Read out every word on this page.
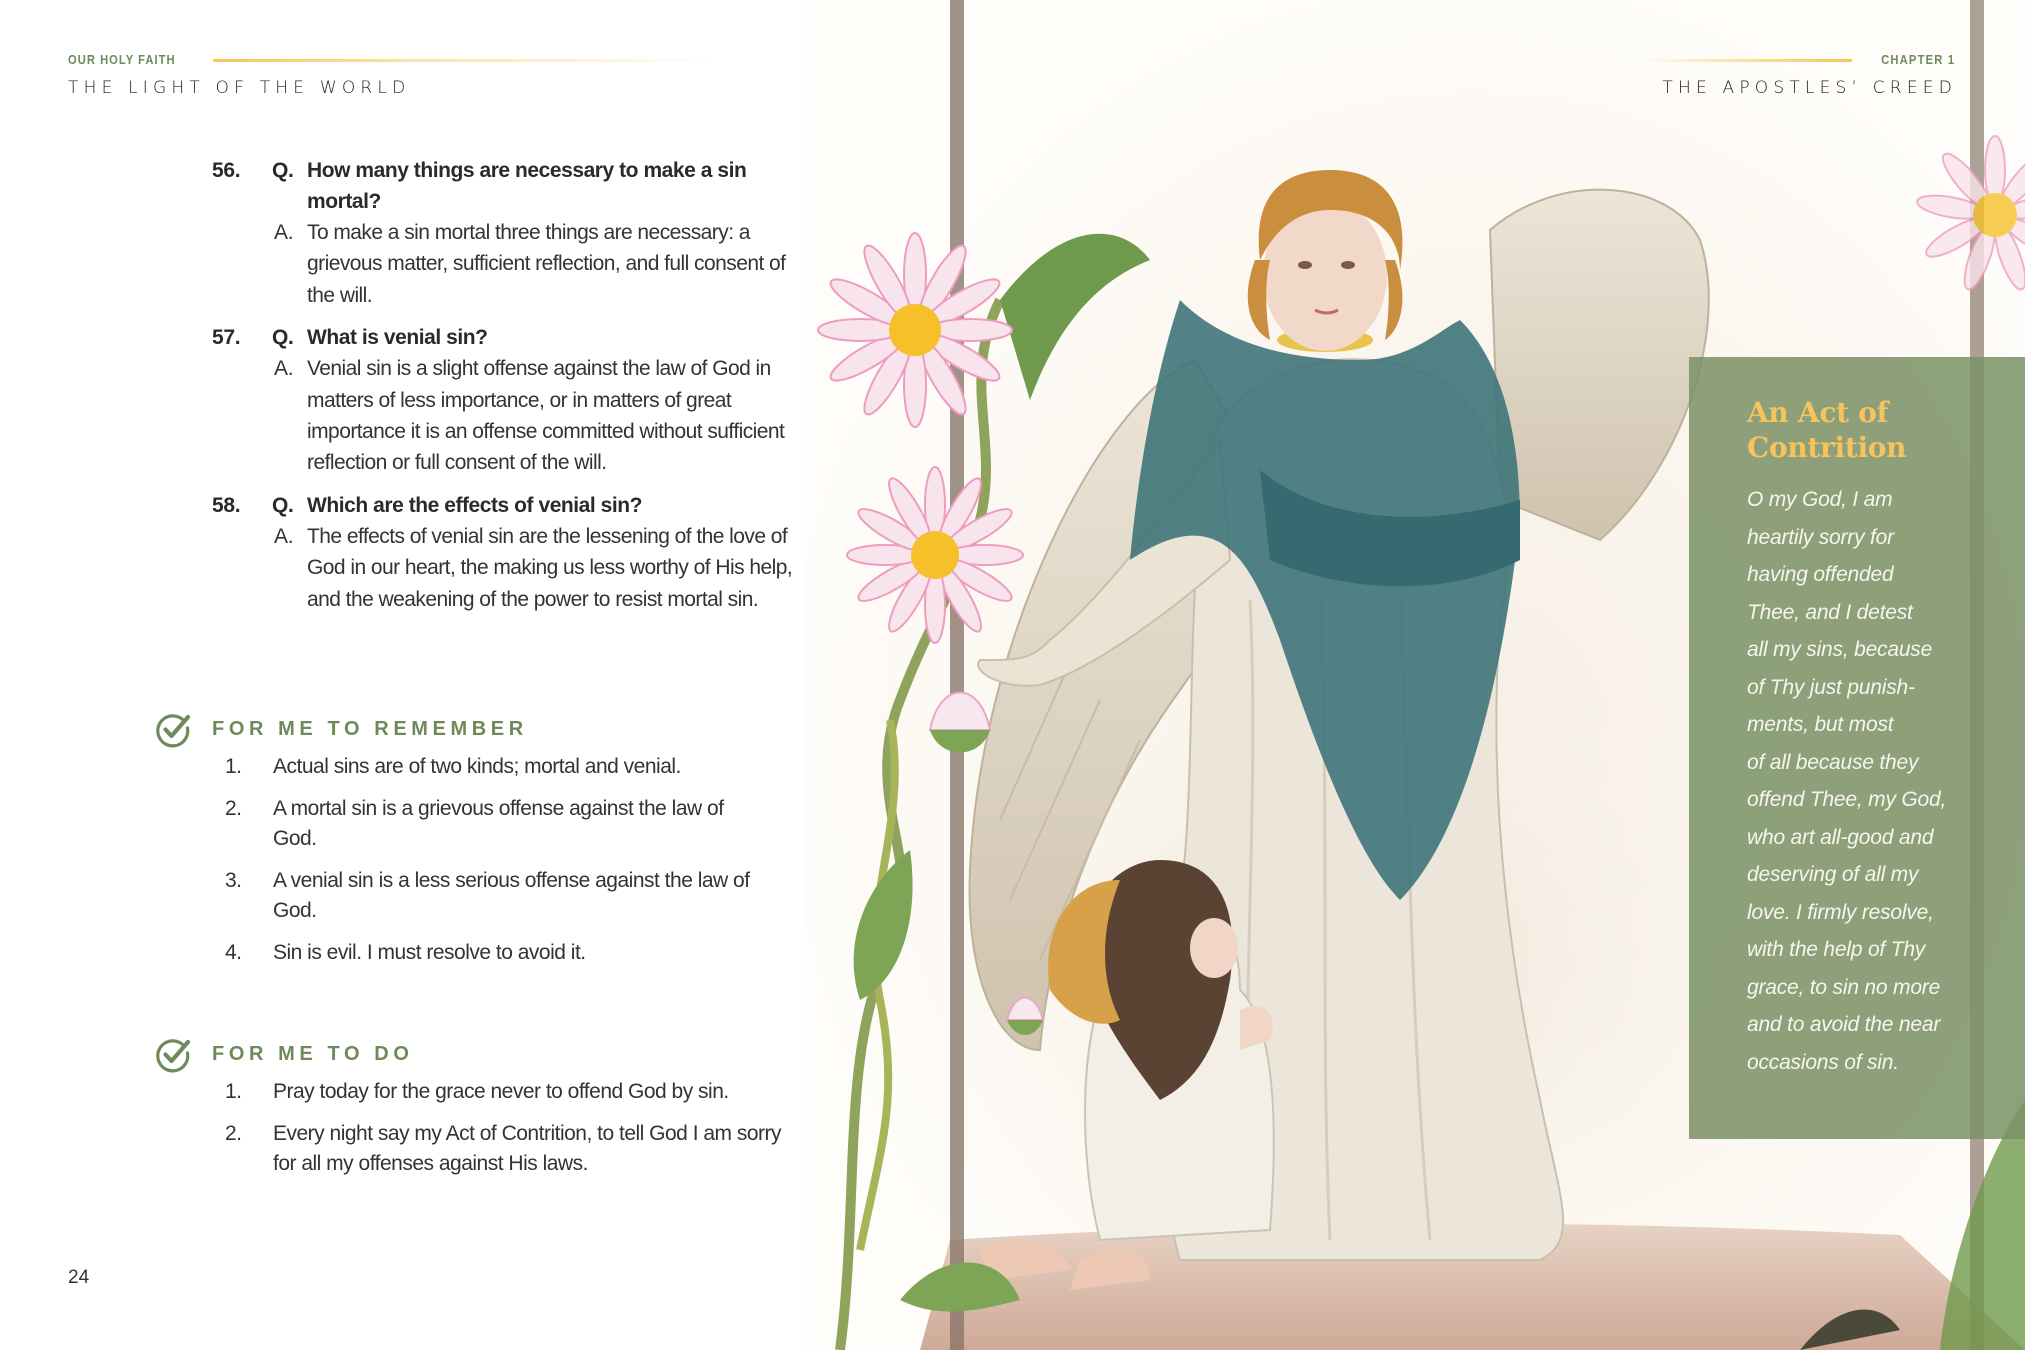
OUR HOLY FAITH
THE LIGHT OF THE WORLD
56. Q. How many things are necessary to make a sin mortal?
A. To make a sin mortal three things are necessary: a grievous matter, sufficient reflection, and full consent of the will.
57. Q. What is venial sin?
A. Venial sin is a slight offense against the law of God in matters of less importance, or in matters of great importance it is an offense committed without sufficient reflection or full consent of the will.
58. Q. Which are the effects of venial sin?
A. The effects of venial sin are the lessening of the love of God in our heart, the making us less worthy of His help, and the weakening of the power to resist mortal sin.
FOR ME TO REMEMBER
1. Actual sins are of two kinds; mortal and venial.
2. A mortal sin is a grievous offense against the law of God.
3. A venial sin is a less serious offense against the law of God.
4. Sin is evil. I must resolve to avoid it.
FOR ME TO DO
1. Pray today for the grace never to offend God by sin.
2. Every night say my Act of Contrition, to tell God I am sorry
for all my offenses against His laws.
24
CHAPTER 1
THE APOSTLES’ CREED
An Act of Contrition
O my God, I am
heartily sorry for
having offended
Thee, and I detest
all my sins, because
of Thy just punish-
ments, but most
of all because they
offend Thee, my God,
who art all-good and
deserving of all my
love. I firmly resolve,
with the help of Thy
grace, to sin no more
and to avoid the near
occasions of sin.
